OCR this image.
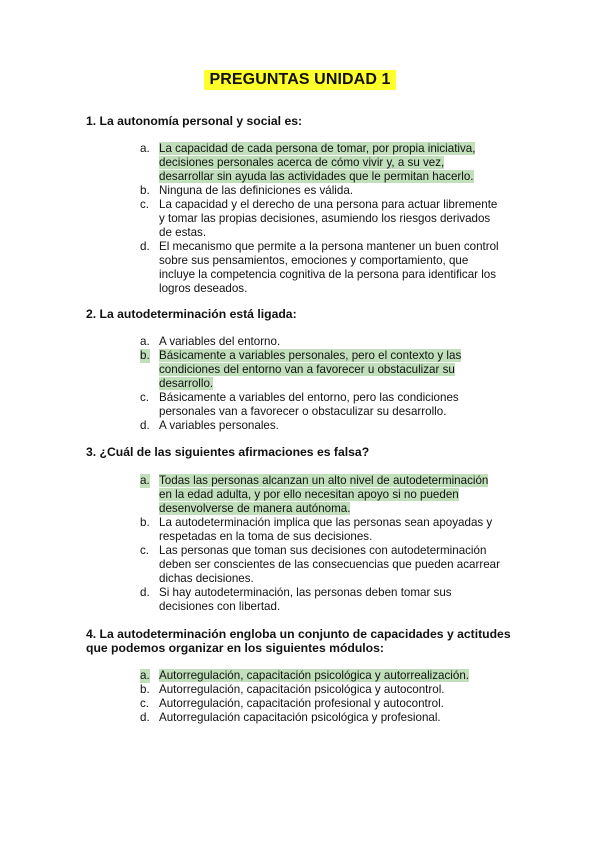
PREGUNTAS UNIDAD 1
1. La autonomía personal y social es:
a. La capacidad de cada persona de tomar, por propia iniciativa,
decisiones personales acerca de cómo vivir y, a su vez,
desarrollar sin ayuda las actividades que le permitan hacerlo.
b. Ninguna de las definiciones es válida.
c. La capacidad y el derecho de una persona para actuar libremente
y tomar las propias decisiones, asumiendo los riesgos derivados
de estas.
d. El mecanismo que permite a la persona mantener un buen control
sobre sus pensamientos, emociones y comportamiento, que
incluye la competencia cognitiva de la persona para identificar los
logros deseados.
2. La autodeterminación está ligada:
a. A variables del entorno.
b. Básicamente a variables personales, pero el contexto y las
condiciones del entorno van a favorecer u obstaculizar su
desarrollo.
c. Básicamente a variables del entorno, pero las condiciones
personales van a favorecer o obstaculizar su desarrollo.
d. A variables personales.
3. ¿Cuál de las siguientes afirmaciones es falsa?
a. Todas las personas alcanzan un alto nivel de autodeterminación
en la edad adulta, y por ello necesitan apoyo si no pueden
desenvolverse de manera autónoma.
b. La autodeterminación implica que las personas sean apoyadas y
respetadas en la toma de sus decisiones.
c. Las personas que toman sus decisiones con autodeterminación
deben ser conscientes de las consecuencias que pueden acarrear
dichas decisiones.
d. Si hay autodeterminación, las personas deben tomar sus
decisiones con libertad.
4. La autodeterminación engloba un conjunto de capacidades y actitudes
que podemos organizar en los siguientes módulos:
a. Autorregulación, capacitación psicológica y autorrealización.
b. Autorregulación, capacitación psicológica y autocontrol.
c. Autorregulación, capacitación profesional y autocontrol.
d. Autorregulación capacitación psicológica y profesional.
